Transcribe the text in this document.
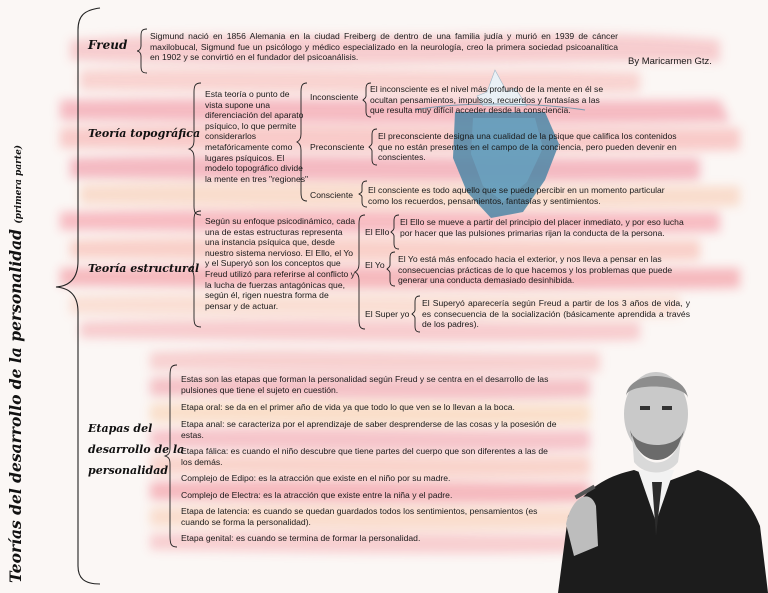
Teorías del desarrollo de la personalidad (primera parte)
By Maricarmen Gtz.
Freud
Sigmund nació en 1856 Alemania en la ciudad Freiberg de dentro de una familia judía y murió en 1939 de cáncer maxilobucal, Sigmund fue un psicólogo y médico especializado en la neurología, creo la primera sociedad psicoanalítica en 1902 y se convirtió en el fundador del psicoanálisis.
Teoría topográfica
Esta teoría o punto de vista supone una diferenciación del aparato psíquico, lo que permite considerarlos metafóricamente como lugares psíquicos. El modelo topográfico divide la mente en tres "regiones"
Inconsciente
El inconsciente es el nivel más profundo de la mente en él se ocultan pensamientos, impulsos, recuerdos y fantasías a las que resulta muy difícil acceder desde la consciencia.
Preconsciente
El preconsciente designa una cualidad de la psique que califica los contenidos que no están presentes en el campo de la conciencia, pero pueden devenir en conscientes.
Consciente El consciente es todo aquello que se puede percibir en un momento particular como los recuerdos, pensamientos, fantasías y sentimientos.
Teoría estructural
Según su enfoque psicodinámico, cada una de estas estructuras representa una instancia psíquica que, desde nuestro sistema nervioso. El Ello, el Yo y el Superyó son los conceptos que Freud utilizó para referirse al conflicto y la lucha de fuerzas antagónicas que, según él, rigen nuestra forma de pensar y de actuar.
El Ello
El Ello se mueve a partir del principio del placer inmediato, y por eso lucha por hacer que las pulsiones primarias rijan la conducta de la persona.
El Yo
El Yo está más enfocado hacia el exterior, y nos lleva a pensar en las consecuencias prácticas de lo que hacemos y los problemas que puede generar una conducta demasiado desinhibida.
El Super yo
El Superyó aparecería según Freud a partir de los 3 años de vida, y es consecuencia de la socialización (básicamente aprendida a través de los padres).
Etapas del
desarrollo de la
personalidad
Estas son las etapas que forman la personalidad según Freud y se centra en el desarrollo de las pulsiones que tiene el sujeto en cuestión.
Etapa oral: se da en el primer año de vida ya que todo lo que ven se lo llevan a la boca.
Etapa anal: se caracteriza por el aprendizaje de saber desprenderse de las cosas y la posesión de estas.
Etapa fálica: es cuando el niño descubre que tiene partes del cuerpo que son diferentes a las de los demás.
Complejo de Edipo: es la atracción que existe en el niño por su madre.
Complejo de Electra: es la atracción que existe entre la niña y el padre.
Etapa de latencia: es cuando se quedan guardados todos los sentimientos, pensamientos (es cuando se forma la personalidad).
Etapa genital: es cuando se termina de formar la personalidad.
